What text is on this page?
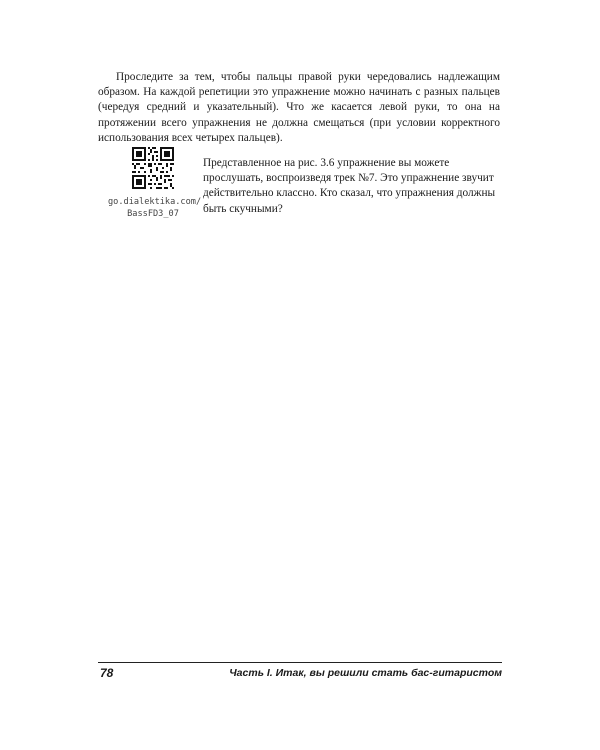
Проследите за тем, чтобы пальцы правой руки чередовались надлежащим образом. На каждой репетиции это упражнение можно начинать с разных пальцев (чередуя средний и указательный). Что же касается левой руки, то она на протяжении всего упражнения не должна смещаться (при условии корректного использования всех четырех пальцев).

go.dialektika.com/
BassFD3_07

Представленное на рис. 3.6 упражнение вы можете прослушать, воспроизведя трек №7. Это упражнение звучит действительно классно. Кто сказал, что упражнения должны быть скучными?

78	Часть I. Итак, вы решили стать бас-гитаристом
